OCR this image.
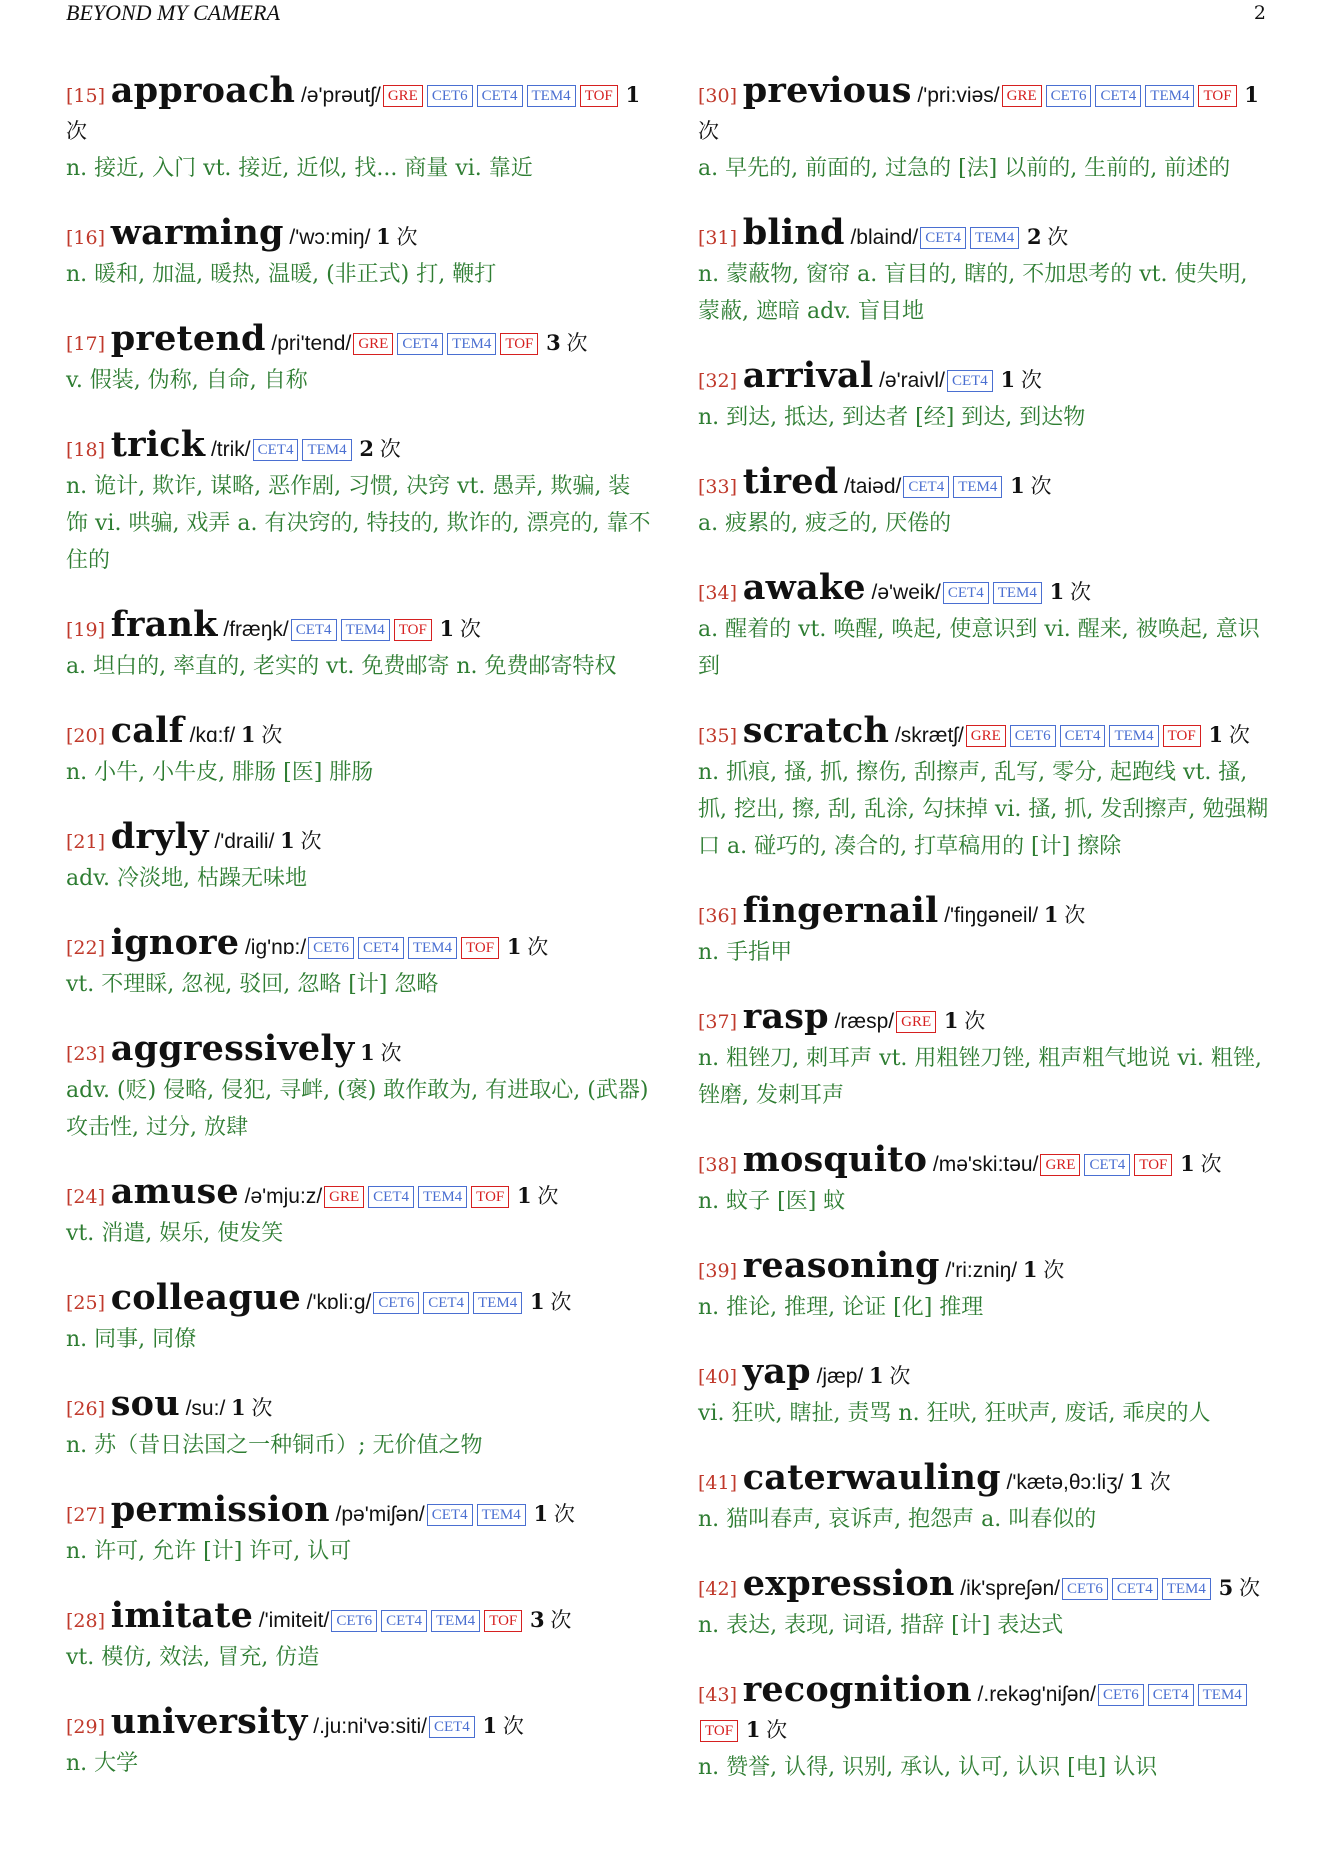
BEYOND MY CAMERA	2
[15] approach /ə'prəutʃ/ GRE CET6 CET4 TEM4 TOF 1 次
n. 接近, 入门 vt. 接近, 近似, 找... 商量 vi. 靠近
[16] warming /'wɔ:miŋ/ 1 次
n. 暖和, 加温, 暖热, 温暖, (非正式) 打, 鞭打
[17] pretend /pri'tend/ GRE CET4 TEM4 TOF 3 次
v. 假装, 伪称, 自命, 自称
[18] trick /trik/ CET4 TEM4 2 次
n. 诡计, 欺诈, 谋略, 恶作剧, 习惯, 决窍 vt. 愚弄, 欺骗, 装饰 vi. 哄骗, 戏弄 a. 有决窍的, 特技的, 欺诈的, 漂亮的, 靠不住的
[19] frank /fræŋk/ CET4 TEM4 TOF 1 次
a. 坦白的, 率直的, 老实的 vt. 免费邮寄 n. 免费邮寄特权
[20] calf /kɑ:f/ 1 次
n. 小牛, 小牛皮, 腓肠 [医] 腓肠
[21] dryly /'draili/ 1 次
adv. 冷淡地, 枯躁无味地
[22] ignore /ig'nɒ:/ CET6 CET4 TEM4 TOF 1 次
vt. 不理睬, 忽视, 驳回, 忽略 [计] 忽略
[23] aggressively 1 次
adv. (贬) 侵略, 侵犯, 寻衅, (褒) 敢作敢为, 有进取心, (武器) 攻击性, 过分, 放肆
[24] amuse /ə'mju:z/ GRE CET4 TEM4 TOF 1 次
vt. 消遣, 娱乐, 使发笑
[25] colleague /'kɒli:g/ CET6 CET4 TEM4 1 次
n. 同事, 同僚
[26] sou /su:/ 1 次
n. 苏（昔日法国之一种铜币）; 无价值之物
[27] permission /pə'miʃən/ CET4 TEM4 1 次
n. 许可, 允许 [计] 许可, 认可
[28] imitate /'imiteit/ CET6 CET4 TEM4 TOF 3 次
vt. 模仿, 效法, 冒充, 仿造
[29] university /.ju:ni'və:siti/ CET4 1 次
n. 大学
[30] previous /'pri:viəs/ GRE CET6 CET4 TEM4 TOF 1 次
a. 早先的, 前面的, 过急的 [法] 以前的, 生前的, 前述的
[31] blind /blaind/ CET4 TEM4 2 次
n. 蒙蔽物, 窗帘 a. 盲目的, 瞎的, 不加思考的 vt. 使失明, 蒙蔽, 遮暗 adv. 盲目地
[32] arrival /ə'raivl/ CET4 1 次
n. 到达, 抵达, 到达者 [经] 到达, 到达物
[33] tired /taiəd/ CET4 TEM4 1 次
a. 疲累的, 疲乏的, 厌倦的
[34] awake /ə'weik/ CET4 TEM4 1 次
a. 醒着的 vt. 唤醒, 唤起, 使意识到 vi. 醒来, 被唤起, 意识到
[35] scratch /skrætʃ/ GRE CET6 CET4 TEM4 TOF 1 次
n. 抓痕, 搔, 抓, 擦伤, 刮擦声, 乱写, 零分, 起跑线 vt. 搔, 抓, 挖出, 擦, 刮, 乱涂, 勾抹掉 vi. 搔, 抓, 发刮擦声, 勉强糊口 a. 碰巧的, 凑合的, 打草稿用的 [计] 擦除
[36] fingernail /'fiŋgəneil/ 1 次
n. 手指甲
[37] rasp /ræsp/ GRE 1 次
n. 粗锉刀, 刺耳声 vt. 用粗锉刀锉, 粗声粗气地说 vi. 粗锉, 锉磨, 发刺耳声
[38] mosquito /mə'ski:təu/ GRE CET4 TOF 1 次
n. 蚊子 [医] 蚊
[39] reasoning /'ri:zniŋ/ 1 次
n. 推论, 推理, 论证 [化] 推理
[40] yap /jæp/ 1 次
vi. 狂吠, 瞎扯, 责骂 n. 狂吠, 狂吠声, 废话, 乖戾的人
[41] caterwauling /'kætə,θɔ:liʒ/ 1 次
n. 猫叫春声, 哀诉声, 抱怨声 a. 叫春似的
[42] expression /ik'spreʃən/ CET6 CET4 TEM4 5 次
n. 表达, 表现, 词语, 措辞 [计] 表达式
[43] recognition /.rekəg'niʃən/ CET6 CET4 TEM4TOF 1 次
n. 赞誉, 认得, 识别, 承认, 认可, 认识 [电] 认识
